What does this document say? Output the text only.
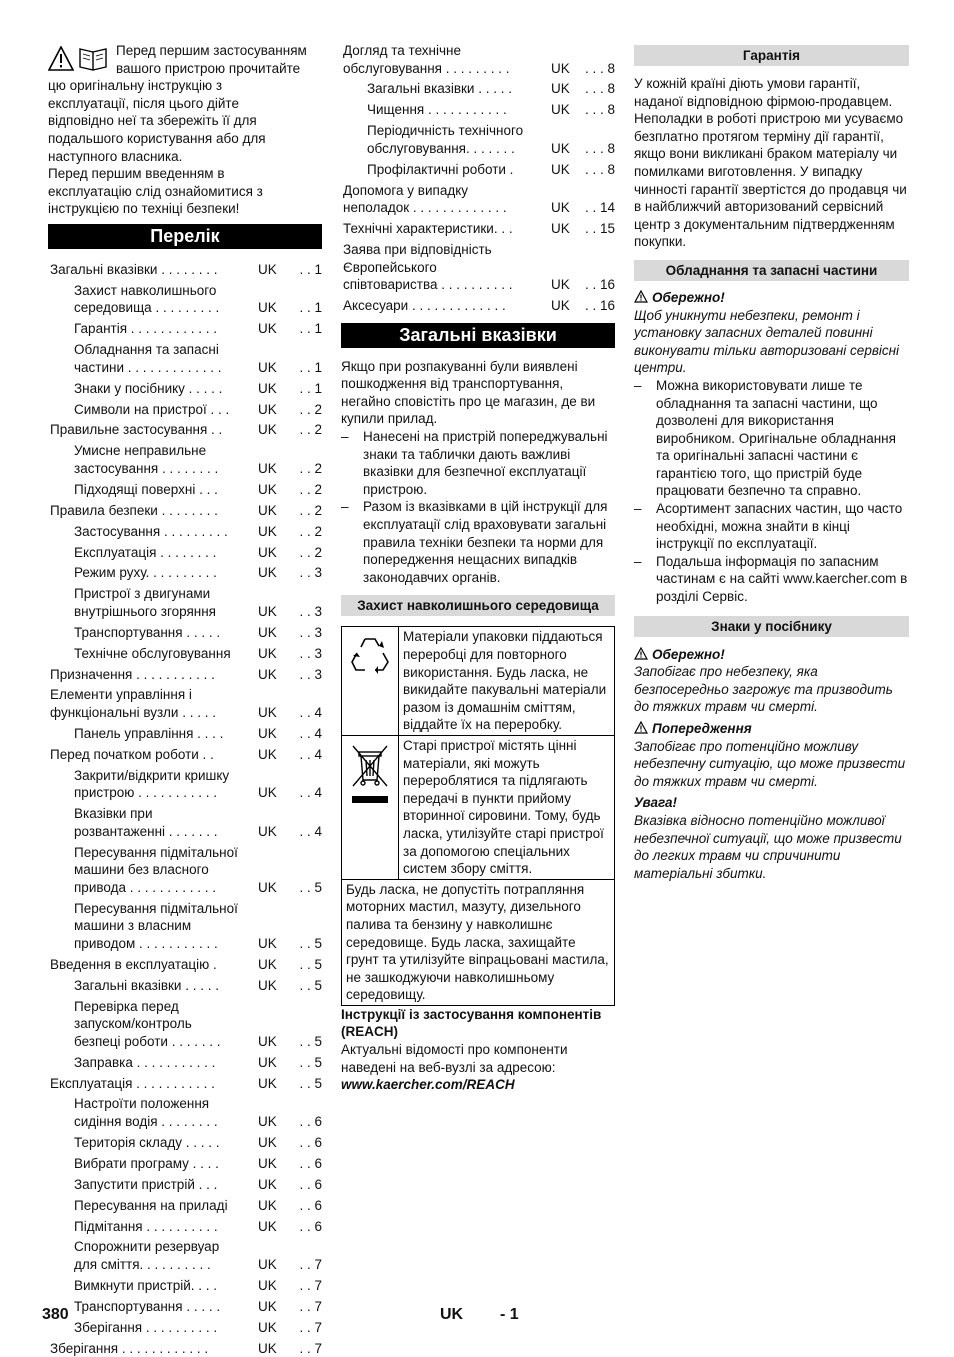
Перед першим застосуванням

вашого пристрою прочитайте

цю оригінальну інструкцію з

експлуатації, після цього дійте

відповідно неї та збережіть її для

подальшого користування або для

наступного власника.

Перед першим введенням в

експлуатацію слід ознайомитися з

інструкцією по техніці безпеки!

Перелік
Загальні вказівки . . . . . . . .	UK	. . 1
Захист навколишнього
середовища . . . . . . . . .	UK	. . 1
Гарантія . . . . . . . . . . . .	UK	. . 1
Обладнання та запасні
частини . . . . . . . . . . . . .	UK	. . 1
Знаки у посібнику . . . . .	UK	. . 1
Символи на пристрої . . .	UK	. . 2
Правильне застосування . .	UK	. . 2
Умисне неправильне
застосування . . . . . . . .	UK	. . 2
Підходящі поверхні . . .	UK	. . 2
Правила безпеки . . . . . . . .	UK	. . 2
Застосування . . . . . . . . .	UK	. . 2
Експлуатація . . . . . . . .	UK	. . 2
Режим руху. . . . . . . . . .	UK	. . 3
Пристрої з двигунами
внутрішнього згоряння	UK	. . 3
Транспортування . . . . .	UK	. . 3
Технічне обслуговування	UK	. . 3
Призначення . . . . . . . . . . .	UK	. . 3
Елементи управління і
функціональні вузли . . . . .	UK	. . 4
Панель управління . . . .	UK	. . 4
Перед початком роботи . .	UK	. . 4
Закрити/відкрити кришку
пристрою . . . . . . . . . . .	UK	. . 4
Вказівки при
розвантаженні . . . . . . .	UK	. . 4
Пересування підмітальної
машини без власного
привода . . . . . . . . . . . .	UK	. . 5
Пересування підмітальної
машини з власним
приводом . . . . . . . . . . .	UK	. . 5
Введення в експлуатацію .	UK	. . 5
Загальні вказівки . . . . .	UK	. . 5
Перевірка перед
запуском/контроль
безпеці роботи . . . . . . .	UK	. . 5
Заправка . . . . . . . . . . .	UK	. . 5
Експлуатація . . . . . . . . . . .	UK	. . 5
Настроїти положення
сидіння водія . . . . . . . .	UK	. . 6
Територія складу . . . . .	UK	. . 6
Вибрати програму . . . .	UK	. . 6
Запустити пристрій . . .	UK	. . 6
Пересування на приладі	UK	. . 6
Підмітання . . . . . . . . . .	UK	. . 6
Спорожнити резервуар
для сміття. . . . . . . . . .	UK	. . 7
Вимкнути пристрій. . . .	UK	. . 7
Транспортування . . . . .	UK	. . 7
Зберігання . . . . . . . . . .	UK	. . 7
Зберігання . . . . . . . . . . . .	UK	. . 7
Догляд та технічне
обслуговування . . . . . . . . .	UK	. . . 8
Загальні вказівки . . . . .	UK	. . . 8
Чищення . . . . . . . . . . .	UK	. . . 8
Періодичність технічного
обслуговування. . . . . . .	UK	. . . 8
Профілактичні роботи .	UK	. . . 8
Допомога у випадку
неполадок . . . . . . . . . . . . .	UK	. . 14
Технічні характеристики. . .	UK	. . 15
Заява при відповідність
Європейського
співтовариства . . . . . . . . . .	UK	. . 16
Аксесуари . . . . . . . . . . . . .	UK	. . 16
Загальні вказівки

Якщо при розпакуванні були виявлені пошкодження від транспортування, негайно сповістіть про це магазин, де ви купили прилад.

– Нанесені на пристрій попереджувальні знаки та таблички дають важливі вказівки для безпечної експлуатації пристрою.
– Разом із вказівками в цій інструкції для експлуатації слід враховувати загальні правила техніки безпеки та норми для попередження нещасних випадків законодавчих органів.
Захист навколишнього середовища
	Матеріали упаковки піддаються переробці для повторного використання. Будь ласка, не викидайте пакувальні матеріали разом із домашнім сміттям, віддайте їх на переробку.
	Старі пристрої містять цінні матеріали, які можуть перероблятися та підлягають передачі в пункти прийому вторинної сировини. Тому, будь ласка, утилізуйте старі пристрої за допомогою спеціальних систем збору сміття.
Будь ласка, не допустіть потрапляння моторних мастил, мазуту, дизельного палива та бензину у навколишнє середовище. Будь ласка, захищайте грунт та утилізуйте віпрацьовані мастила, не зашкоджуючи навколишньому середовищу.	

Інструкції із застосування компонентів (REACH)

Актуальні відомості про компоненти наведені на веб-вузлі за адресою:

www.kaercher.com/REACH

Гарантія

У кожній країні діють умови гарантії, наданої відповідною фірмою-продавцем. Неполадки в роботі пристрою ми усуваємо безплатно протягом терміну дії гарантії, якщо вони викликані браком матеріалу чи помилками виготовлення. У випадку чинності гарантії звертістся до продавця чи в найближчий авторизований сервісний центр з документальним підтвердженням покупки.

Обладнання та запасні частини

Обережно!

Щоб уникнути небезпеки, ремонт і установку запасних деталей повинні виконувати тільки авторизовані сервісні центри.

– Можна використовувати лише те обладнання та запасні частини, що дозволені для використання виробником. Оригінальне обладнання та оригінальні запасні частини є гарантією того, що пристрій буде працювати безпечно та справно.
– Асортимент запасних частин, що часто необхідні, можна знайти в кінці інструкції по експлуатації.
– Подальша інформація по запасним частинам є на сайті www.kaercher.com в розділі Сервіс.
Знаки у посібнику

Обережно!

Запобігає про небезпеку, яка безпосередньо загрожує та призводить до тяжких травм чи смерті.

Попередження

Запобігає про потенційно можливу небезпечну ситуацію, що може призвести до тяжких травм чи смерті.

Увага!

Вказівка відносно потенційно можливої небезпечної ситуації, що може призвести до легких травм чи спричинити матеріальні збитки.

380	UK - 1
